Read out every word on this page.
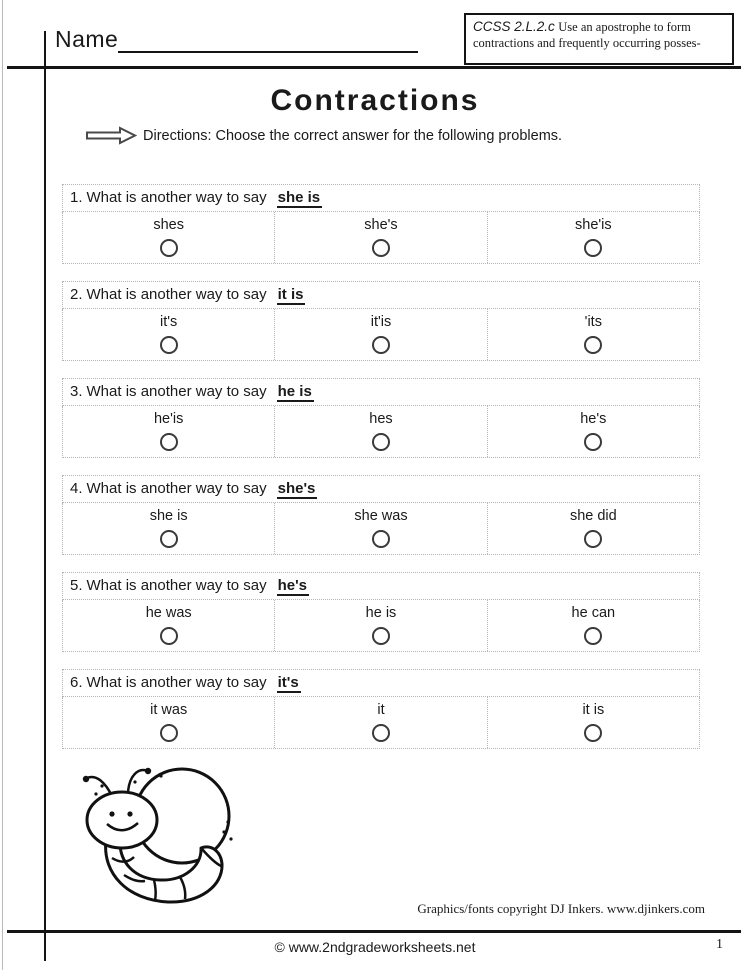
Name	CCSS 2.L.2.c Use an apostrophe to form contractions and frequently occurring posses-
Contractions
Directions: Choose the correct answer for the following problems.
1. What is another way to say she is
shes	she's	she'is
2. What is another way to say it is
it's	it'is	'its
3. What is another way to say he is
he'is	hes	he's
4. What is another way to say she's
she is	she was	she did
5. What is another way to say he's
he was	he is	he can
6. What is another way to say it's
it was	it	it is
Graphics/fonts copyright DJ Inkers. www.djinkers.com
© www.2ndgradeworksheets.net	1
